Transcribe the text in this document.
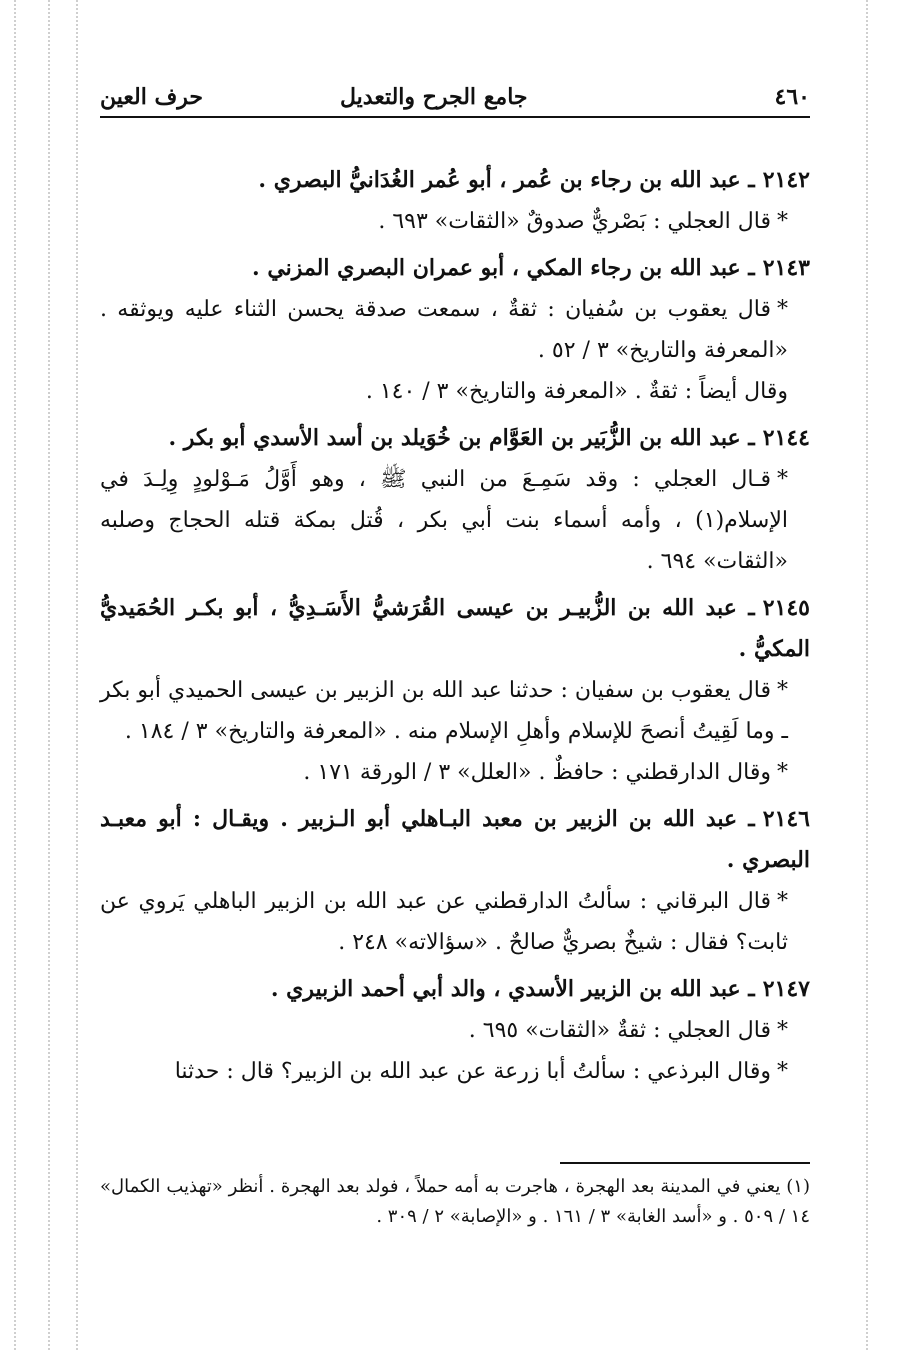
٤٦٠
جامع الجرح والتعديل
حرف العين

٢١٤٢ـ عبد الله بن رجاء بن عُمر ، أبو عُمر الغُدَانيُّ البصري .

*قال العجلي : بَصْريٌّ صدوقٌ «الثقات» ٦٩٣ .

٢١٤٣ـ عبد الله بن رجاء المكي ، أبو عمران البصري المزني .

*قال يعقوب بن سُفيان : ثقةٌ ، سمعت صدقة يحسن الثناء عليه ويوثقه . «المعرفة والتاريخ» ٣ / ٥٢ .

وقال أيضاً : ثقةٌ . «المعرفة والتاريخ» ٣ / ١٤٠ .

٢١٤٤ـ عبد الله بن الزُّبَير بن العَوَّام بن خُوَيلد بن أسد الأسدي أبو بكر .

*قـال العجلي : وقد سَمِـعَ من النبي ﷺ ، وهو أَوَّلُ مَـوْلودٍ وِلِـدَ في الإسلام(١) ، وأمه أسماء بنت أبي بكر ، قُتل بمكة قتله الحجاج وصلبه «الثقات» ٦٩٤ .

٢١٤٥ـ عبد الله بن الزُّبيـر بن عيسى القُرَشيُّ الأَسَـدِيُّ ، أبو بكـر الحُمَيديُّ المكيُّ .

*قال يعقوب بن سفيان : حدثنا عبد الله بن الزبير بن عيسى الحميدي أبو بكر ـ وما لَقِيتُ أنصحَ للإسلام وأهلِ الإسلام منه . «المعرفة والتاريخ» ٣ / ١٨٤ .

*وقال الدارقطني : حافظٌ . «العلل» ٣ / الورقة ١٧١ .

٢١٤٦ـ عبد الله بن الزبير بن معبد البـاهلي أبو الـزبير . ويقـال : أبو معبـد البصري .

*قال البرقاني : سألتُ الدارقطني عن عبد الله بن الزبير الباهلي يَروي عن ثابت؟ فقال : شيخٌ بصريٌّ صالحٌ . «سؤالاته» ٢٤٨ .

٢١٤٧ـ عبد الله بن الزبير الأسدي ، والد أبي أحمد الزبيري .

*قال العجلي : ثقةٌ «الثقات» ٦٩٥ .

*وقال البرذعي : سألتُ أبا زرعة عن عبد الله بن الزبير؟ قال : حدثنا

(١) يعني في المدينة بعد الهجرة ، هاجرت به أمه حملاً ، فولد بعد الهجرة . أنظر «تهذيب الكمال» ١٤ / ٥٠٩ . و «أسد الغابة» ٣ / ١٦١ . و «الإصابة» ٢ / ٣٠٩ .
